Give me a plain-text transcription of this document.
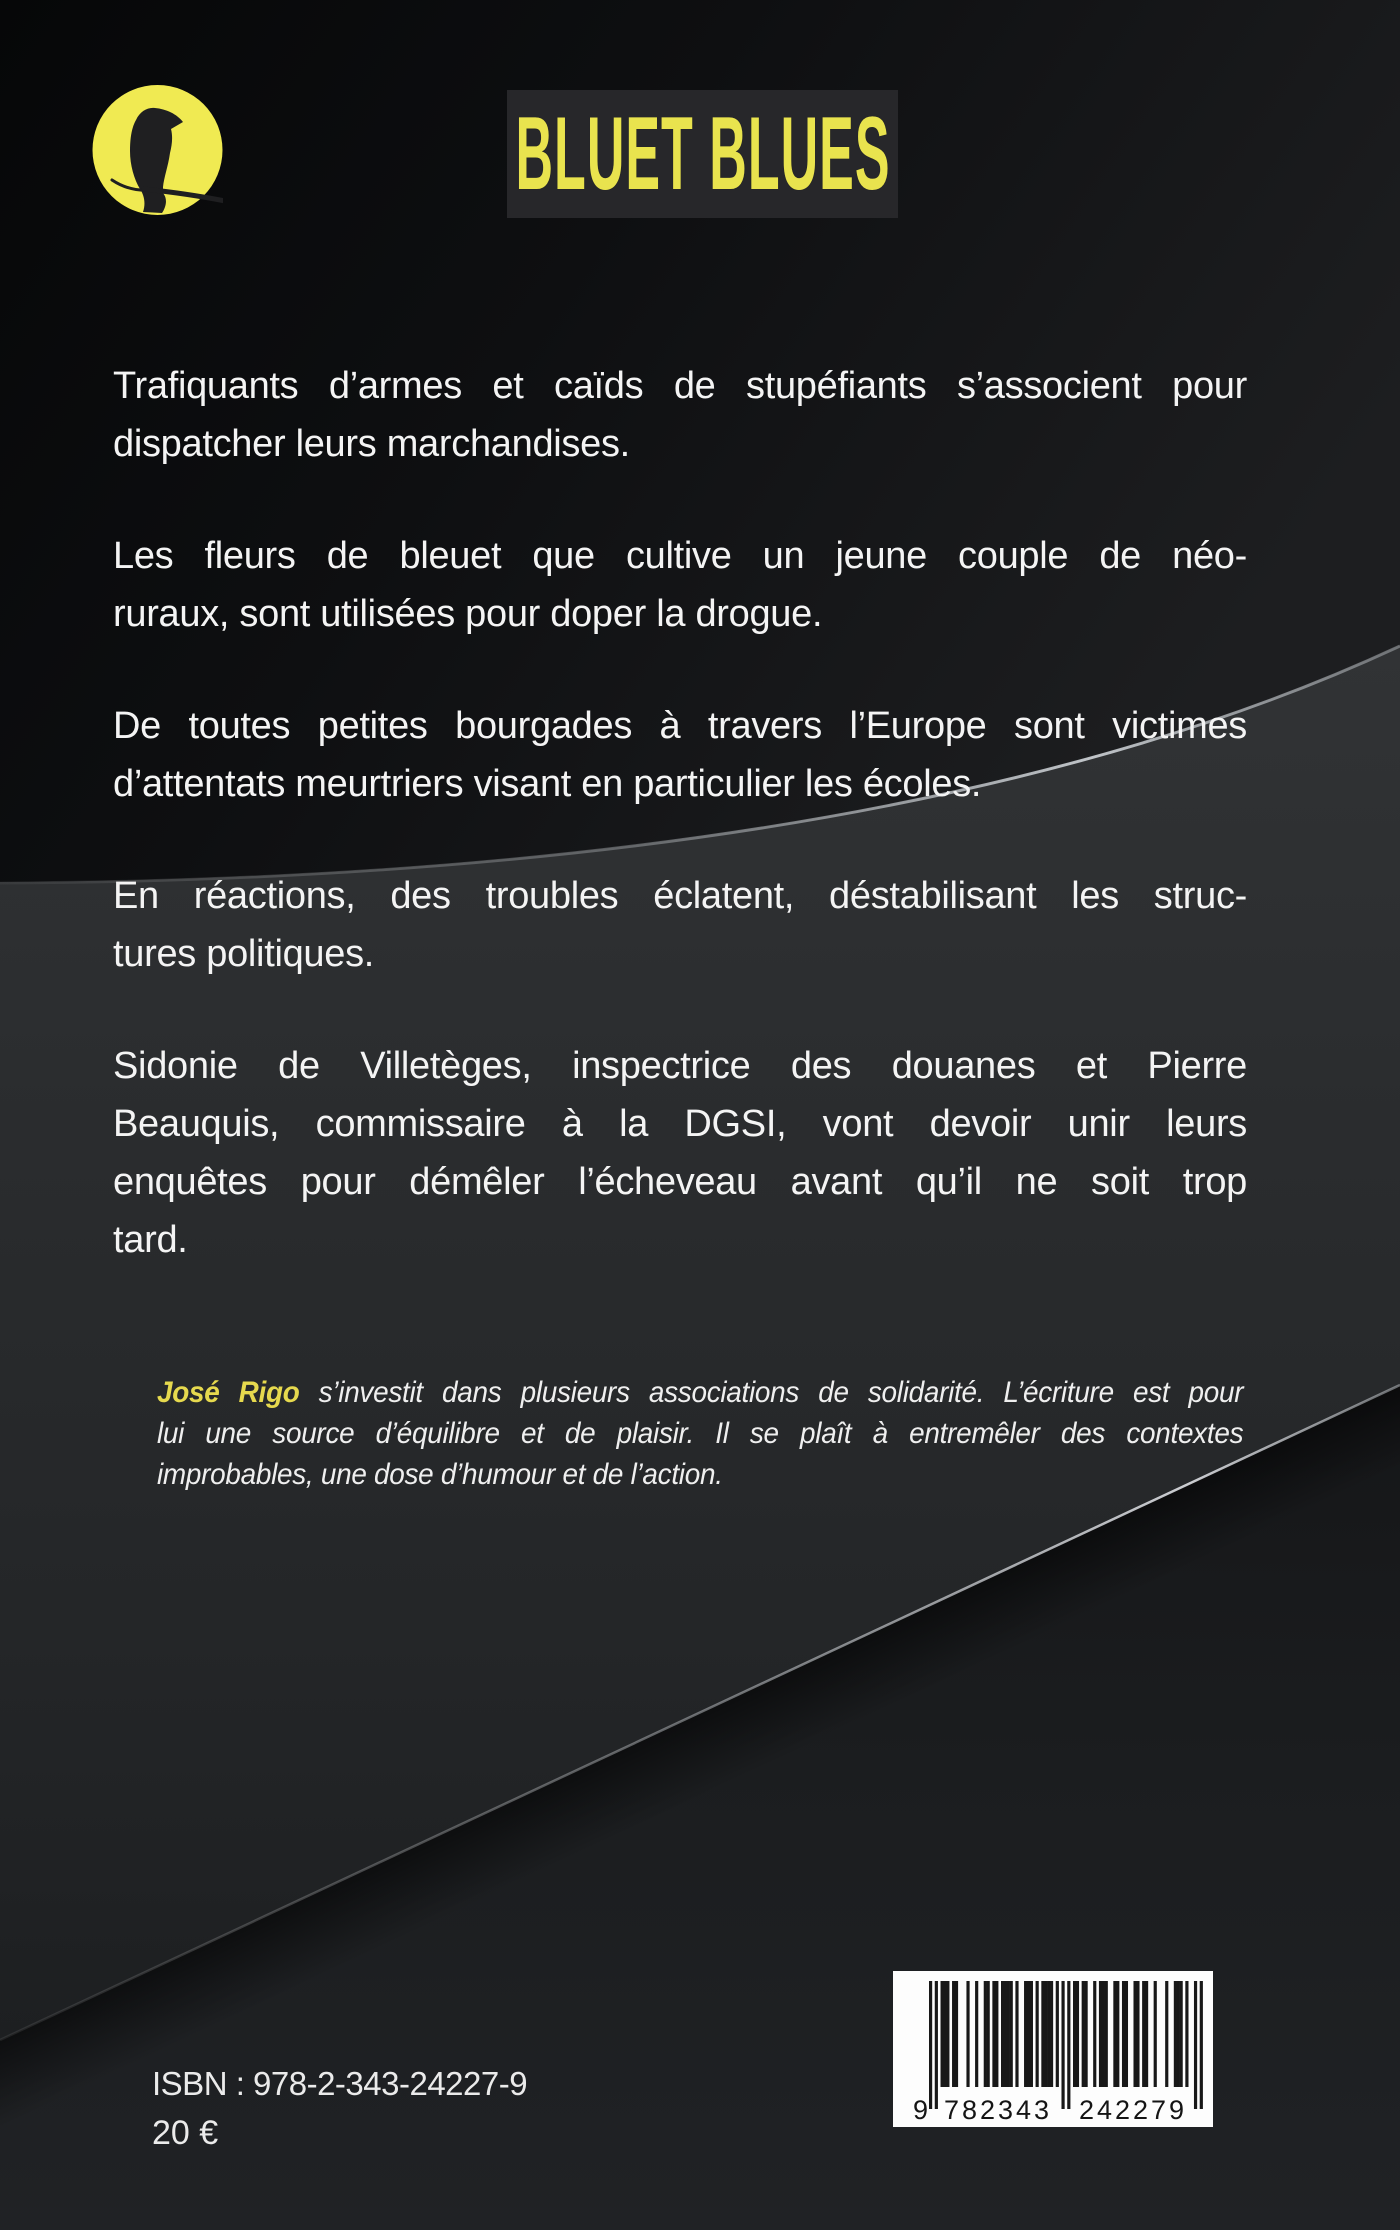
BLUET BLUES
Trafiquants d’armes et caïds de stupéfiants s’associent pour
dispatcher leurs marchandises.
Les fleurs de bleuet que cultive un jeune couple de néo-
ruraux, sont utilisées pour doper la drogue.
De toutes petites bourgades à travers l’Europe sont victimes
d’attentats meurtriers visant en particulier les écoles.
En réactions, des troubles éclatent, déstabilisant les struc-
tures politiques.
Sidonie de Villetèges, inspectrice des douanes et Pierre
Beauquis, commissaire à la DGSI, vont devoir unir leurs
enquêtes pour démêler l’écheveau avant qu’il ne soit trop
tard.
José Rigo s’investit dans plusieurs associations de solidarité. L’écriture est pour
lui une source d’équilibre et de plaisir. Il se plaît à entremêler des contextes
improbables, une dose d’humour et de l’action.
ISBN : 978-2-343-24227-9
20 €
9 782343 242279
